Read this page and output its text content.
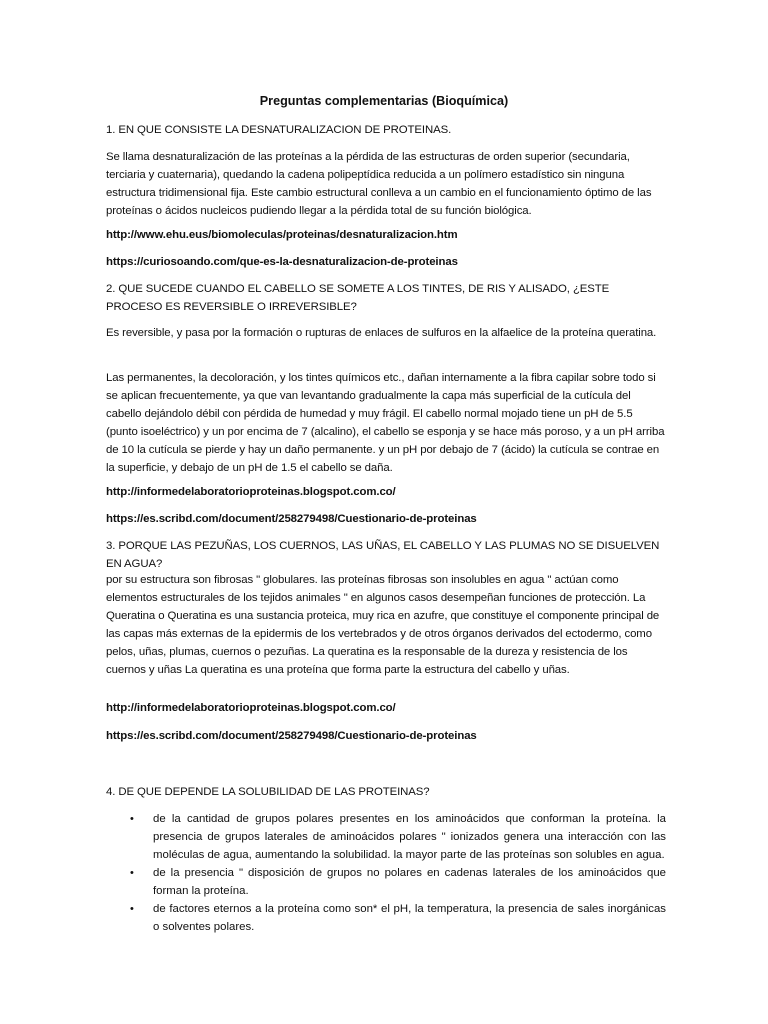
Preguntas complementarias (Bioquímica)

1. EN QUE CONSISTE LA DESNATURALIZACION DE PROTEINAS.

Se llama desnaturalización de las proteínas a la pérdida de las estructuras de orden superior (secundaria, terciaria y cuaternaria), quedando la cadena polipeptídica reducida a un polímero estadístico sin ninguna estructura tridimensional fija. Este cambio estructural conlleva a un cambio en el funcionamiento óptimo de las proteínas o ácidos nucleicos pudiendo llegar a la pérdida total de su función biológica.

http://www.ehu.eus/biomoleculas/proteinas/desnaturalizacion.htm

https://curiosoando.com/que-es-la-desnaturalizacion-de-proteinas

2. QUE SUCEDE CUANDO EL CABELLO SE SOMETE A LOS TINTES, DE RIS Y ALISADO, ¿ESTE PROCESO ES REVERSIBLE O IRREVERSIBLE?

Es reversible, y pasa por la formación o rupturas de enlaces de sulfuros en la alfaelice de la proteína queratina.

Las permanentes, la decoloración, y los tintes químicos etc., dañan internamente a la fibra capilar sobre todo si se aplican frecuentemente, ya que van levantando gradualmente la capa más superficial de la cutícula del cabello dejándolo débil con pérdida de humedad y muy frágil. El cabello normal mojado tiene un pH de 5.5 (punto isoeléctrico) y un por encima de 7 (alcalino), el cabello se esponja y se hace más poroso, y a un pH arriba de 10 la cutícula se pierde y hay un daño permanente. y un pH por debajo de 7 (ácido) la cutícula se contrae en la superficie, y debajo de un pH de 1.5 el cabello se daña.

http://informedelaboratorioproteinas.blogspot.com.co/

https://es.scribd.com/document/258279498/Cuestionario-de-proteinas

3. PORQUE LAS PEZUÑAS, LOS CUERNOS, LAS UÑAS, EL CABELLO Y LAS PLUMAS NO SE DISUELVEN EN AGUA?

por su estructura son fibrosas " globulares. las proteínas fibrosas son insolubles en agua " actúan como elementos estructurales de los tejidos animales " en algunos casos desempeñan funciones de protección. La Queratina o Queratina es una sustancia proteica, muy rica en azufre, que constituye el componente principal de las capas más externas de la epidermis de los vertebrados y de otros órganos derivados del ectodermo, como pelos, uñas, plumas, cuernos o pezuñas. La queratina es la responsable de la dureza y resistencia de los cuernos y uñas La queratina es una proteína que forma parte la estructura del cabello y uñas.

http://informedelaboratorioproteinas.blogspot.com.co/

https://es.scribd.com/document/258279498/Cuestionario-de-proteinas

4. DE QUE DEPENDE LA SOLUBILIDAD DE LAS PROTEINAS?

• de la cantidad de grupos polares presentes en los aminoácidos que conforman la proteína. la presencia de grupos laterales de aminoácidos polares " ionizados genera una interacción con las moléculas de agua, aumentando la solubilidad. la mayor parte de las proteínas son solubles en agua.
• de la presencia " disposición de grupos no polares en cadenas laterales de los aminoácidos que forman la proteína.
• de factores eternos a la proteína como son* el pH, la temperatura, la presencia de sales inorgánicas o solventes polares.
